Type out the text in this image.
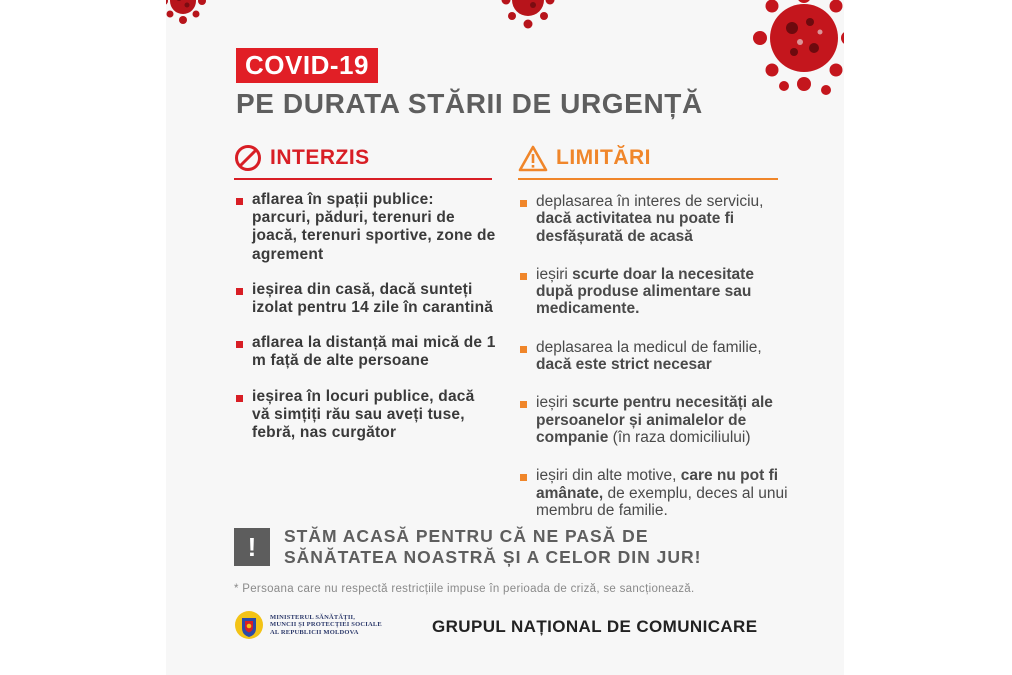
COVID-19
PE DURATA STĂRII DE URGENȚĂ
INTERZIS	LIMITĂRI
aflarea în spații publice: parcuri, păduri, terenuri de joacă, terenuri sportive, zone de agrement
ieșirea din casă, dacă sunteți izolat pentru 14 zile în carantină
aflarea la distanță mai mică de 1 m față de alte persoane
ieșirea în locuri publice, dacă vă simțiți rău sau aveți tuse, febră, nas curgător
deplasarea în interes de serviciu, dacă activitatea nu poate fi desfășurată de acasă
ieșiri scurte doar la necesitate după produse alimentare sau medicamente.
deplasarea la medicul de familie, dacă este strict necesar
ieșiri scurte pentru necesități ale persoanelor și animalelor de companie (în raza domiciliului)
ieșiri din alte motive, care nu pot fi amânate, de exemplu, deces al unui membru de familie.
!	STĂM ACASĂ PENTRU CĂ NE PASĂ DE
SĂNĂTATEA NOASTRĂ ȘI A CELOR DIN JUR!
* Persoana care nu respectă restricțiile impuse în perioada de criză, se sancționează.
MINISTERUL SĂNĂTĂȚII,
MUNCII ȘI PROTECȚIEI SOCIALE
AL REPUBLICII MOLDOVA	GRUPUL NAȚIONAL DE COMUNICARE
